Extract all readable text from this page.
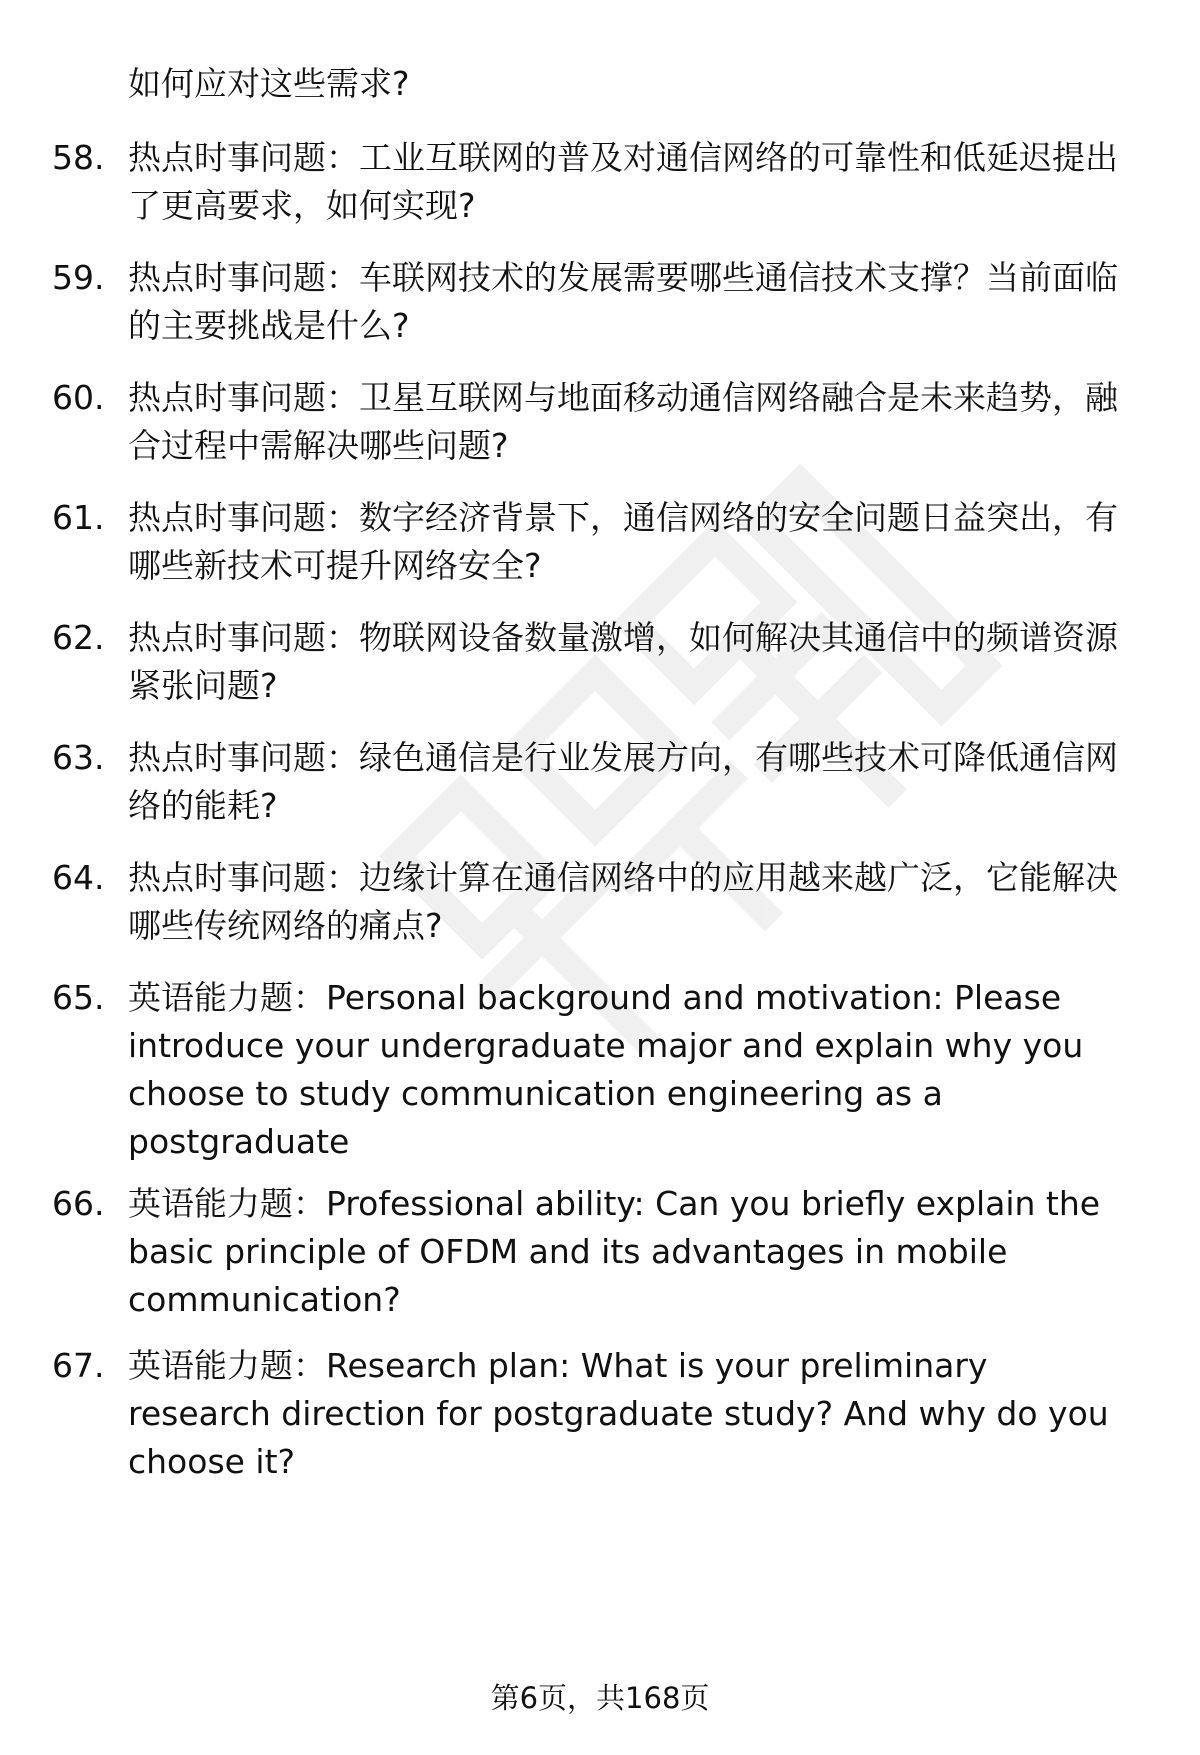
如何应对这些需求?
58. 热点时事问题：工业互联网的普及对通信网络的可靠性和低延迟提出了更高要求，如何实现?
59. 热点时事问题：车联网技术的发展需要哪些通信技术支撑？当前面临的主要挑战是什么?
60. 热点时事问题：卫星互联网与地面移动通信网络融合是未来趋势，融合过程中需解决哪些问题?
61. 热点时事问题：数字经济背景下，通信网络的安全问题日益突出，有哪些新技术可提升网络安全?
62. 热点时事问题：物联网设备数量激增，如何解决其通信中的频谱资源紧张问题?
63. 热点时事问题：绿色通信是行业发展方向，有哪些技术可降低通信网络的能耗?
64. 热点时事问题：边缘计算在通信网络中的应用越来越广泛，它能解决哪些传统网络的痛点?
65. 英语能力题：Personal background and motivation: Please introduce your undergraduate major and explain why you choose to study communication engineering as a postgraduate
66. 英语能力题：Professional ability: Can you briefly explain the basic principle of OFDM and its advantages in mobile communication?
67. 英语能力题：Research plan: What is your preliminary research direction for postgraduate study? And why do you choose it?
第6页，共168页
